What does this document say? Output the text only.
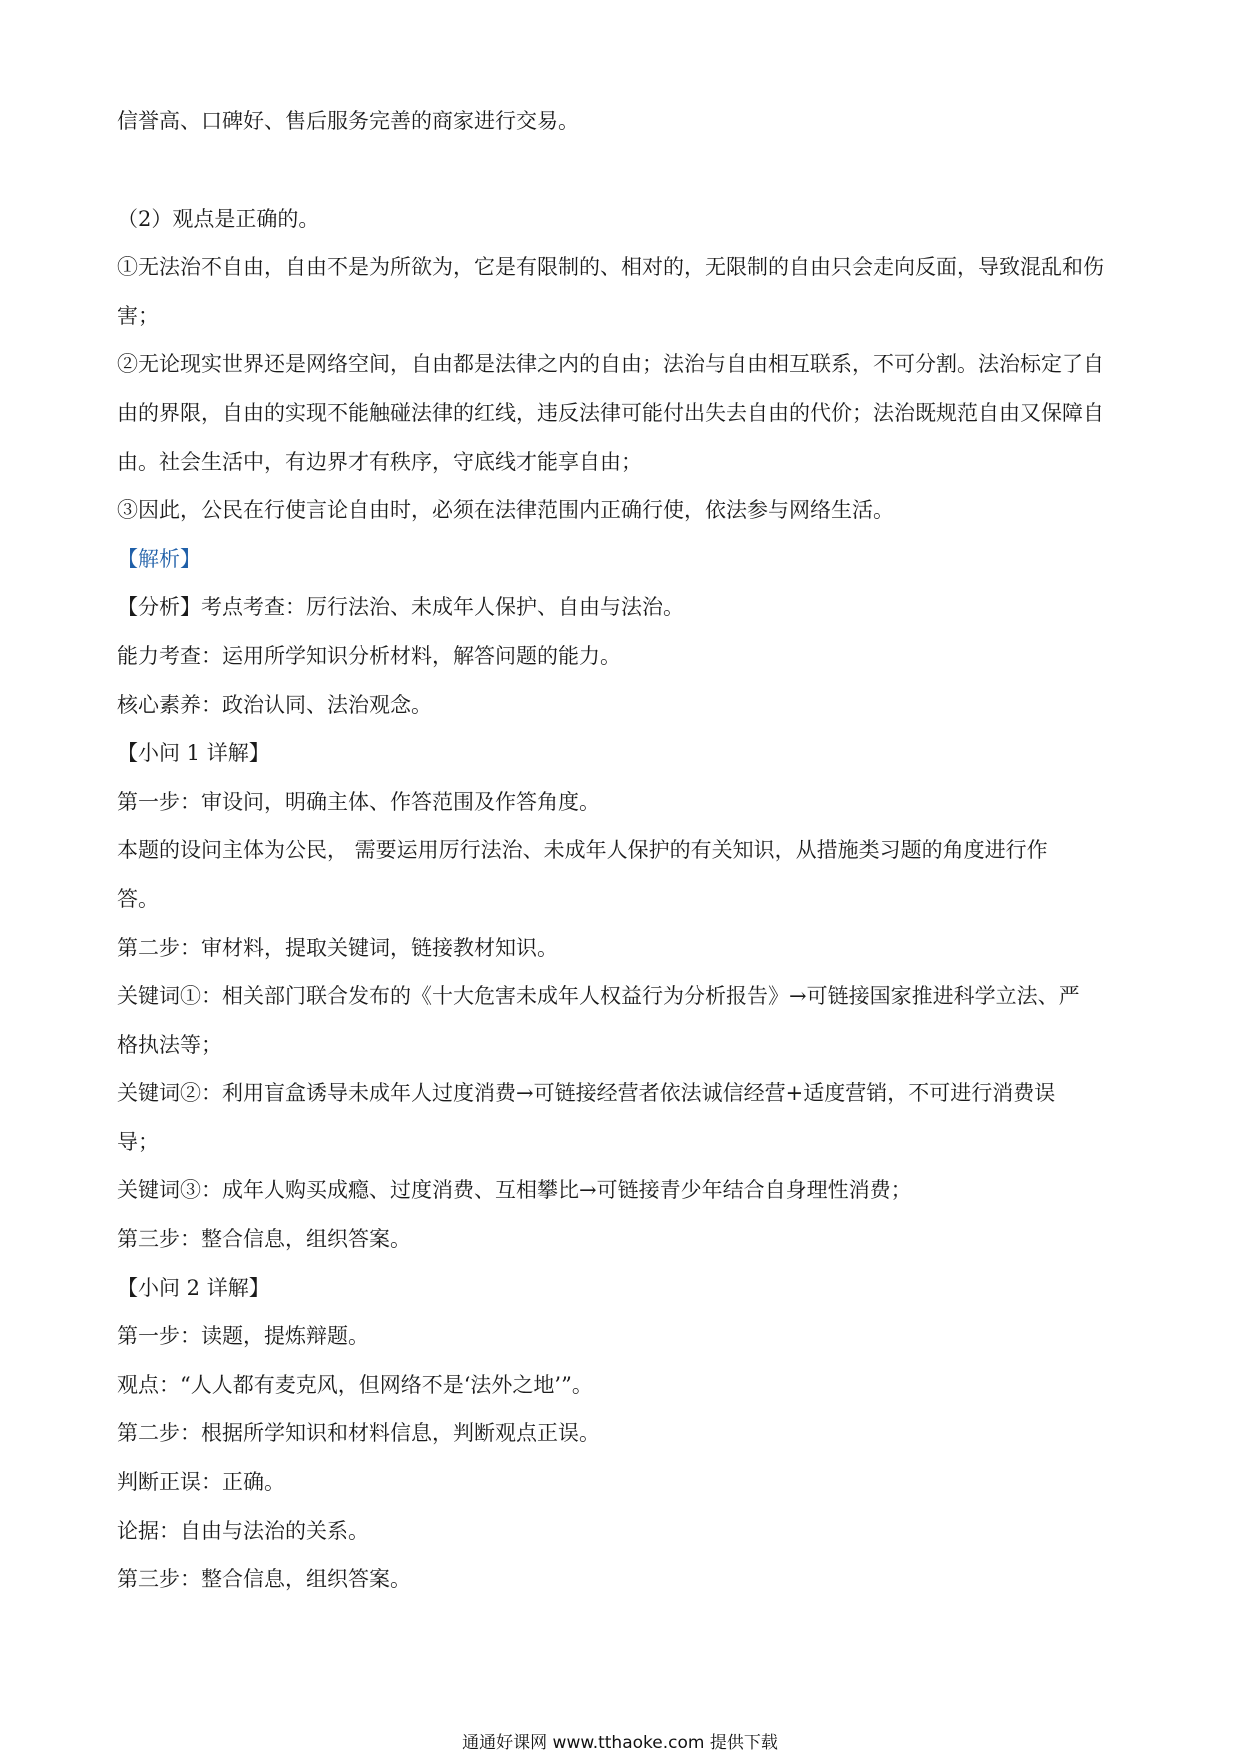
信誉高、口碑好、售后服务完善的商家进行交易。

（2）观点是正确的。

①无法治不自由，自由不是为所欲为，它是有限制的、相对的，无限制的自由只会走向反面，导致混乱和伤

害；

②无论现实世界还是网络空间，自由都是法律之内的自由；法治与自由相互联系，不可分割。法治标定了自

由的界限，自由的实现不能触碰法律的红线，违反法律可能付出失去自由的代价；法治既规范自由又保障自

由。社会生活中，有边界才有秩序，守底线才能享自由；

③因此，公民在行使言论自由时，必须在法律范围内正确行使，依法参与网络生活。

【解析】

【分析】考点考查：厉行法治、未成年人保护、自由与法治。

能力考查：运用所学知识分析材料，解答问题的能力。

核心素养：政治认同、法治观念。

【小问 1 详解】

第一步：审设问，明确主体、作答范围及作答角度。

本题的设问主体为公民， 需要运用厉行法治、未成年人保护的有关知识，从措施类习题的角度进行作

答。

第二步：审材料，提取关键词，链接教材知识。

关键词①：相关部门联合发布的《十大危害未成年人权益行为分析报告》→可链接国家推进科学立法、严

格执法等；

关键词②：利用盲盒诱导未成年人过度消费→可链接经营者依法诚信经营+适度营销，不可进行消费误

导；

关键词③：成年人购买成瘾、过度消费、互相攀比→可链接青少年结合自身理性消费；

第三步：整合信息，组织答案。

【小问 2 详解】

第一步：读题，提炼辩题。

观点：“人人都有麦克风，但网络不是‘法外之地’”。

第二步：根据所学知识和材料信息，判断观点正误。

判断正误：正确。

论据：自由与法治的关系。

第三步：整合信息，组织答案。

通通好课网 www.tthaoke.com 提供下载
